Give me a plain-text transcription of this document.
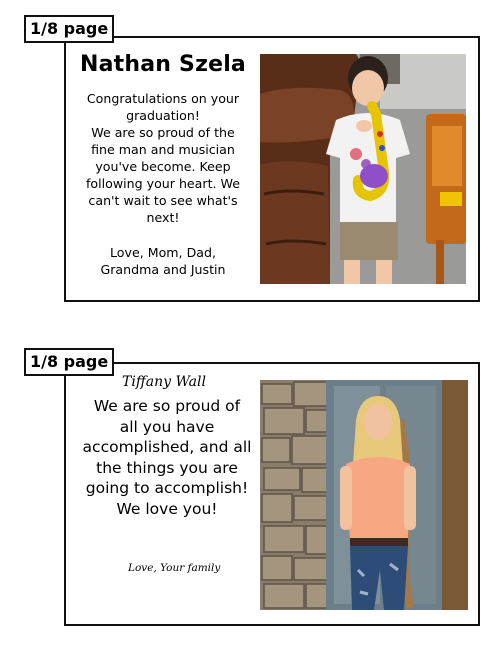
1/8 page
Nathan Szela
Congratulations on your
graduation!
We are so proud of the
fine man and musician
you've become. Keep
following your heart. We
can't wait to see what's
next!
Love, Mom, Dad,
Grandma and Justin
1/8 page
Tiffany Wall
We are so proud of
all you have
accomplished, and all
the things you are
going to accomplish!
We love you!
Love, Your family
